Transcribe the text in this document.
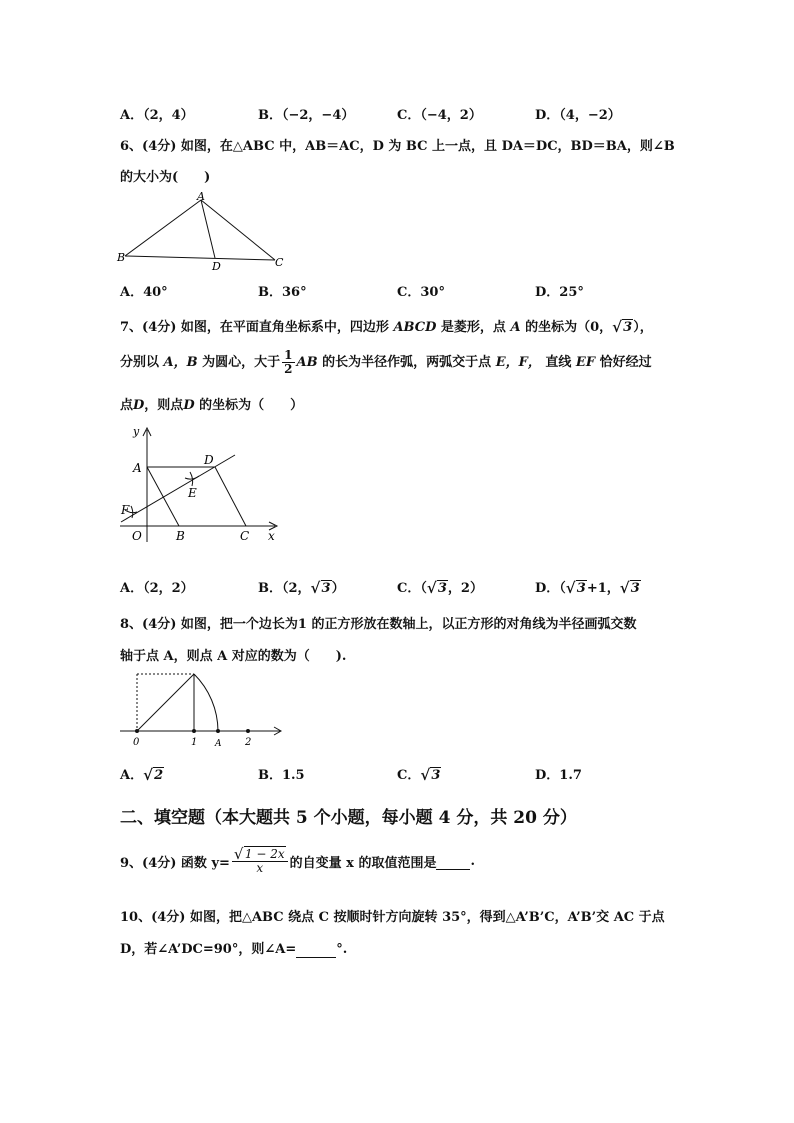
A．（2，4）	B．（−2，−4）	C．（−4，2）	D．（4，−2）
6、(4分) 如图，在△ABC 中，AB＝AC，D 为 BC 上一点，且 DA＝DC，BD＝BA，则∠B
的大小为(　　)
A
B
D	C
A．40°	B．36°	C．30°	D．25°
7、(4分) 如图，在平面直角坐标系中，四边形 ABCD 是菱形，点 A 的坐标为（0， √ 3），
分别以 A，B 为圆心，大于 $\frac{1}{2}$ AB 的长为半径作弧，两弧交于点 E，F， 直线 EF 恰好经过
点D，则点D 的坐标为（　　）
y
A
D
E
F
O	B	C x
A．（2，2）	B．（2， √ 3）	C．（ √ 3，2）	D．（ √ 3+1， √ 3
8、(4分) 如图，把一个边长为1 的正方形放在数轴上，以正方形的对角线为半径画弧交数
轴于点 A，则点 A 对应的数为（　　).
0	1 A 2
A． √ 2	B．1.5	C． √ 3	D．1.7
二、填空题（本大题共 5 个小题，每小题 4 分，共 20 分）
9、(4分) 函数 $y= \frac{√ 1 - 2x}{x}$ 的自变量 x 的取值范围是
	.
10、(4分) 如图，把△ABC 绕点 C 按顺时针方向旋转 35°，得到△A’B’C，A’B’交 AC 于点
D，若∠A’DC=90°，则∠A=	°.
